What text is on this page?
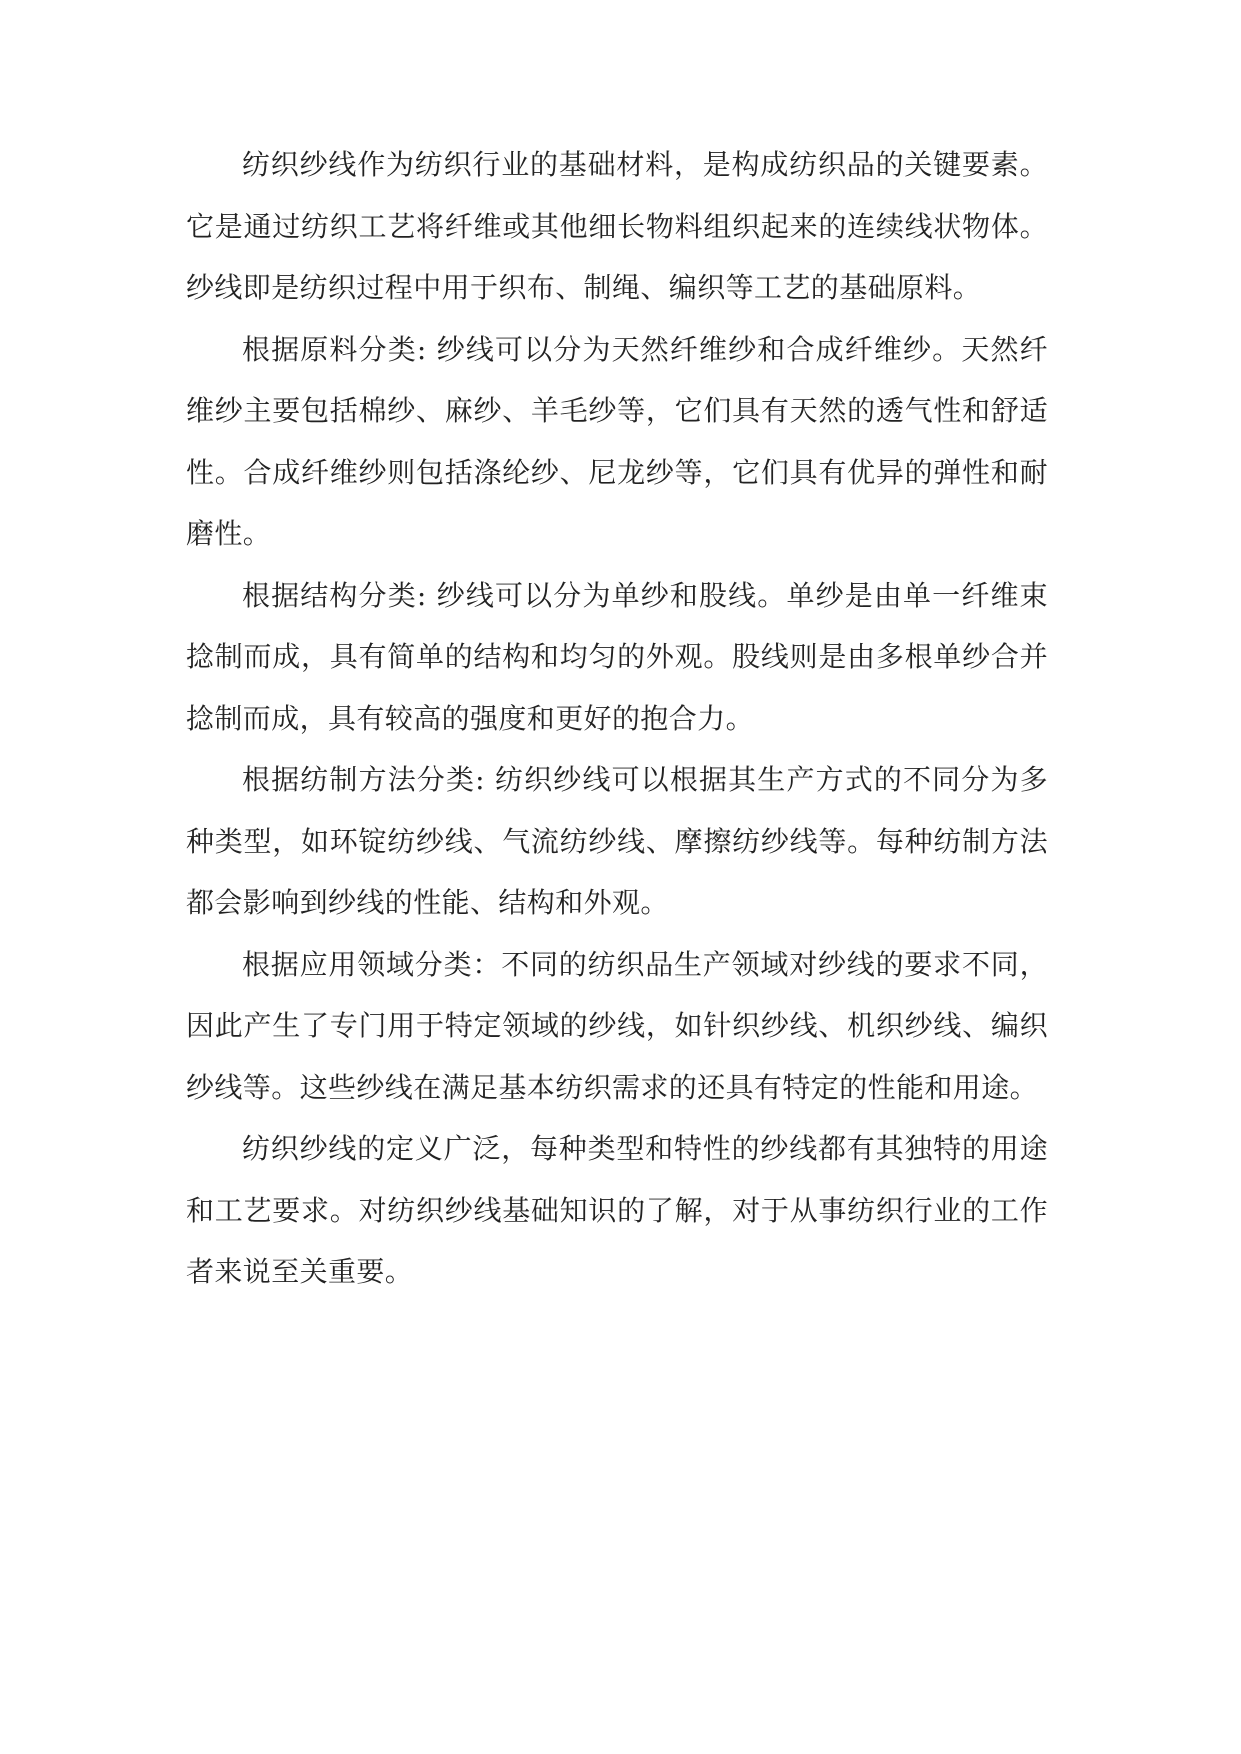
纺织纱线作为纺织行业的基础材料，是构成纺织品的关键要素。它是通过纺织工艺将纤维或其他细长物料组织起来的连续线状物体。纱线即是纺织过程中用于织布、制绳、编织等工艺的基础原料。

根据原料分类: 纱线可以分为天然纤维纱和合成纤维纱。天然纤维纱主要包括棉纱、麻纱、羊毛纱等，它们具有天然的透气性和舒适性。合成纤维纱则包括涤纶纱、尼龙纱等，它们具有优异的弹性和耐磨性。

根据结构分类: 纱线可以分为单纱和股线。单纱是由单一纤维束捻制而成，具有简单的结构和均匀的外观。股线则是由多根单纱合并捻制而成，具有较高的强度和更好的抱合力。

根据纺制方法分类: 纺织纱线可以根据其生产方式的不同分为多种类型，如环锭纺纱线、气流纺纱线、摩擦纺纱线等。每种纺制方法都会影响到纱线的性能、结构和外观。

根据应用领域分类：不同的纺织品生产领域对纱线的要求不同，因此产生了专门用于特定领域的纱线，如针织纱线、机织纱线、编织纱线等。这些纱线在满足基本纺织需求的还具有特定的性能和用途。

纺织纱线的定义广泛，每种类型和特性的纱线都有其独特的用途和工艺要求。对纺织纱线基础知识的了解，对于从事纺织行业的工作者来说至关重要。
